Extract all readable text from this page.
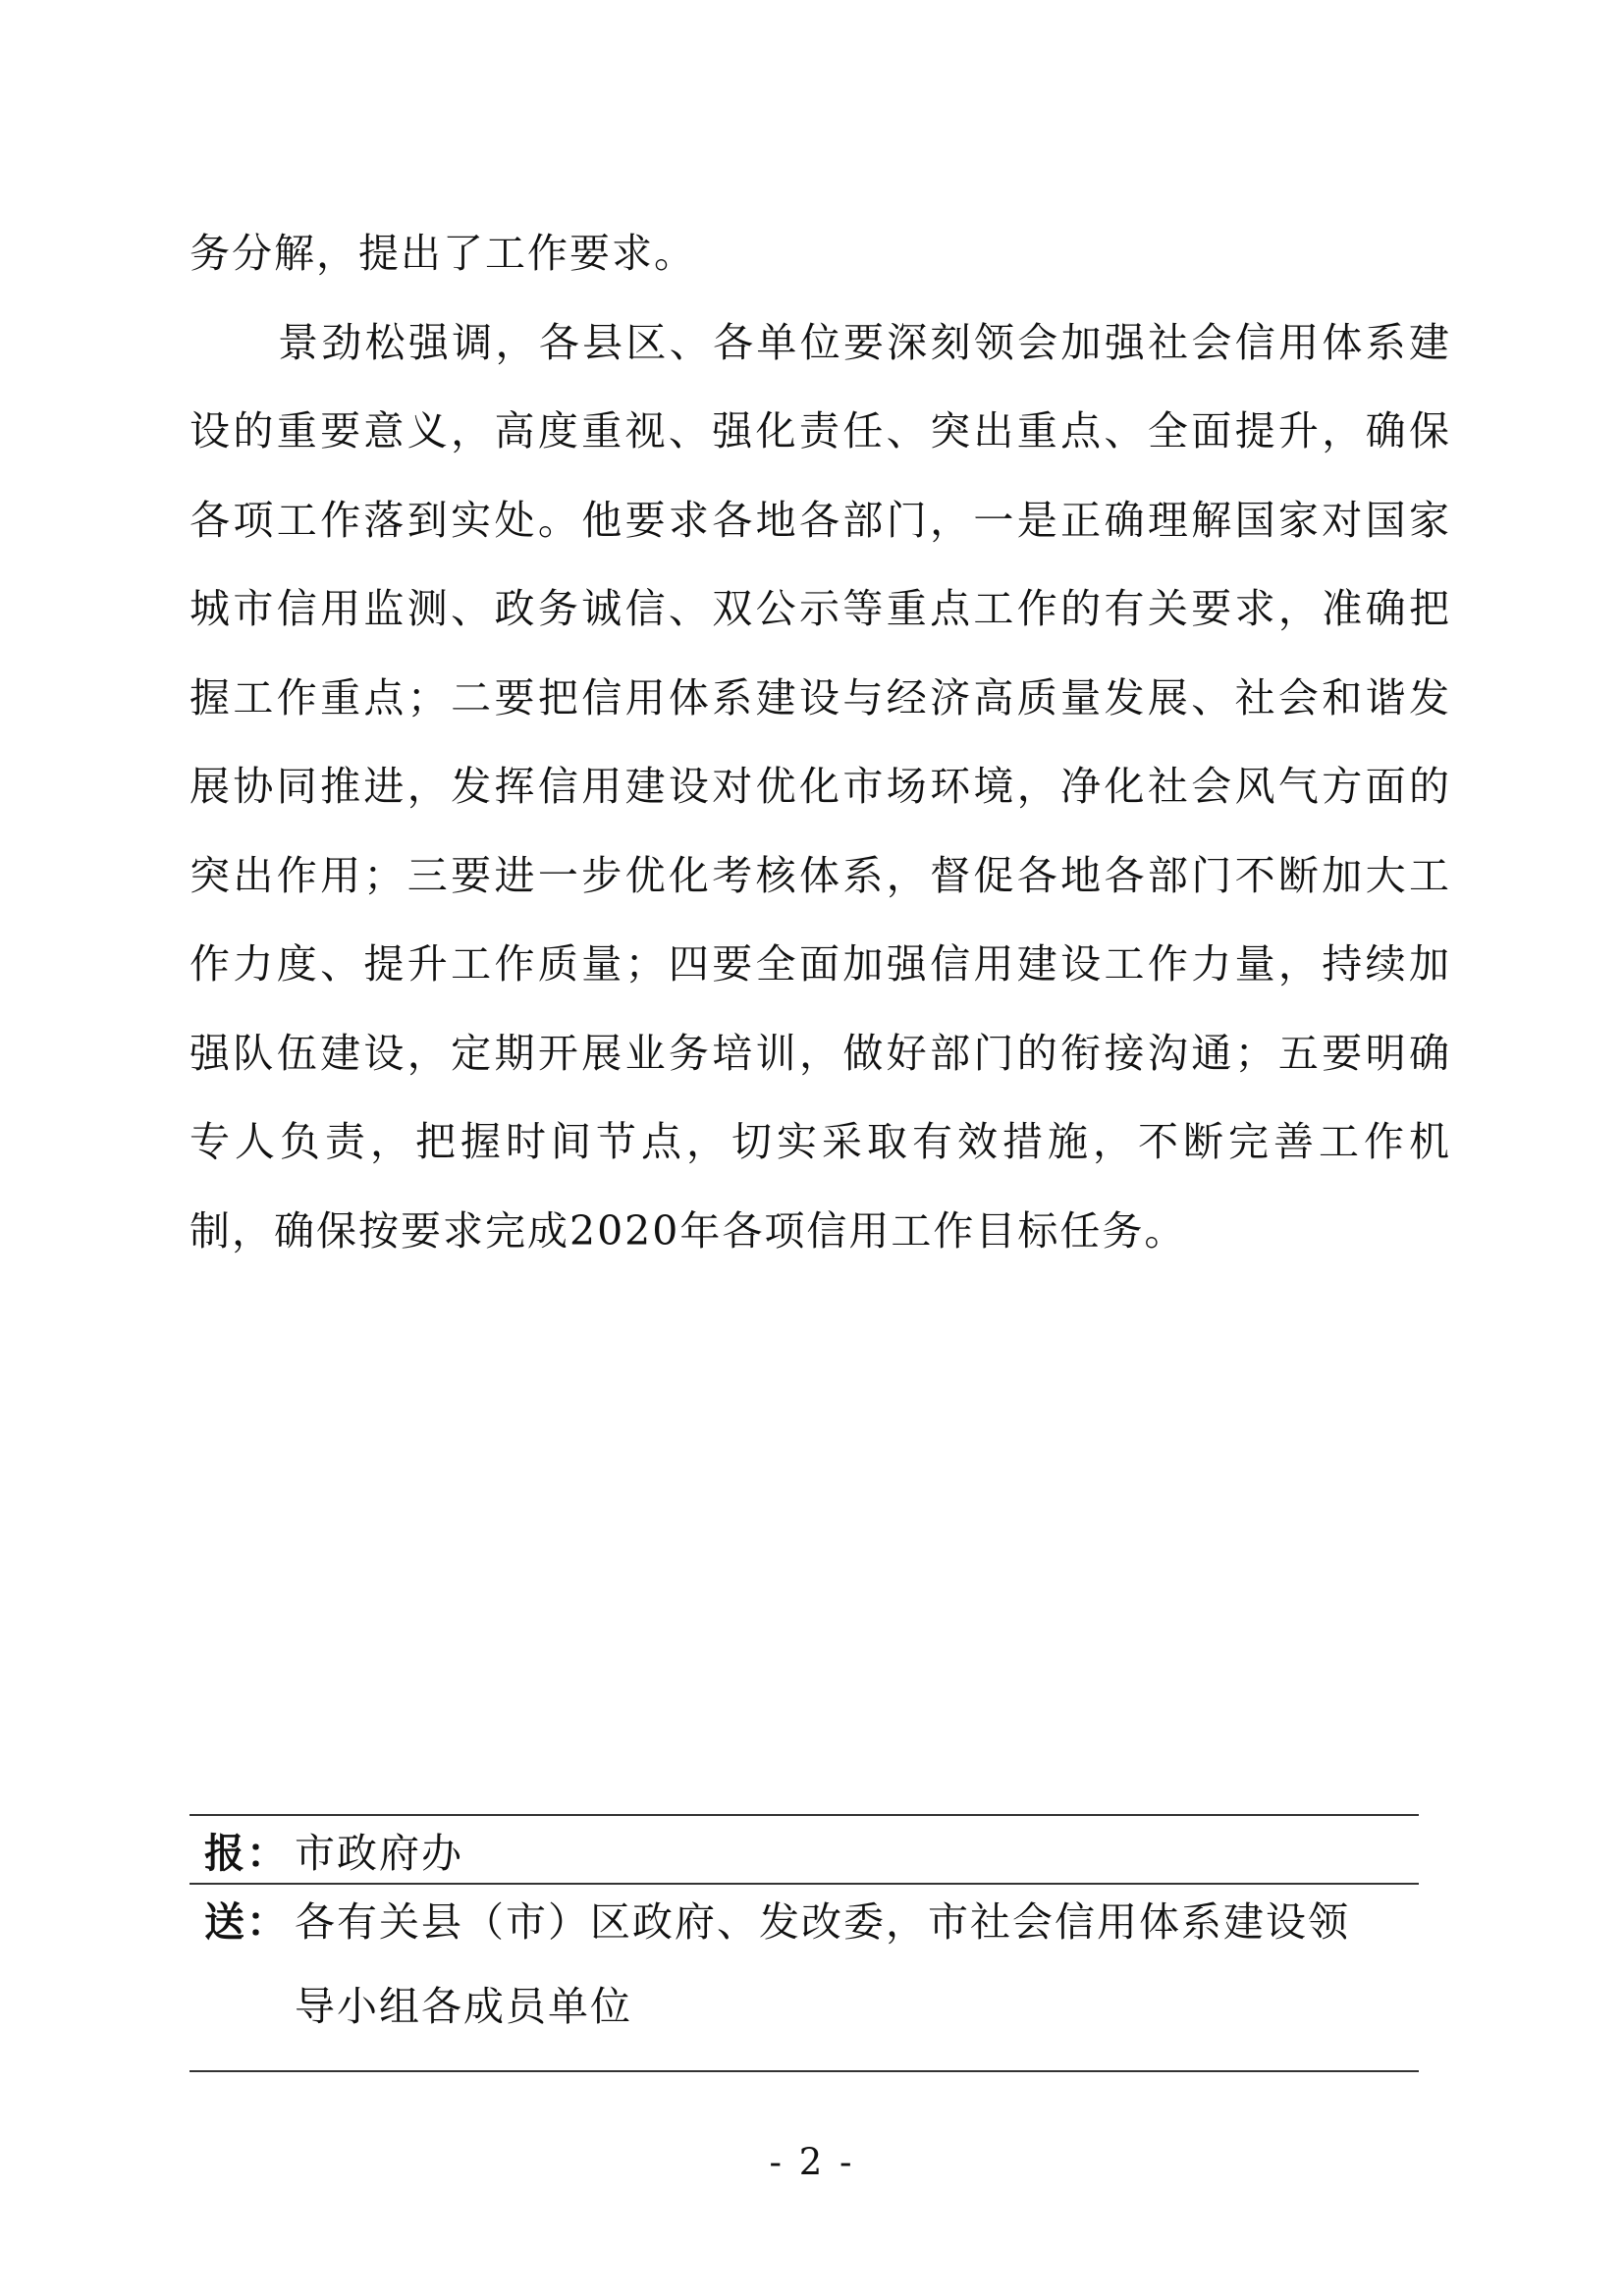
务分解，提出了工作要求。

景劲松强调，各县区、各单位要深刻领会加强社会信用体系建设的重要意义，高度重视、强化责任、突出重点、全面提升，确保各项工作落到实处。他要求各地各部门，一是正确理解国家对国家城市信用监测、政务诚信、双公示等重点工作的有关要求，准确把握工作重点；二要把信用体系建设与经济高质量发展、社会和谐发展协同推进，发挥信用建设对优化市场环境，净化社会风气方面的突出作用；三要进一步优化考核体系，督促各地各部门不断加大工作力度、提升工作质量；四要全面加强信用建设工作力量，持续加强队伍建设，定期开展业务培训，做好部门的衔接沟通；五要明确专人负责，把握时间节点，切实采取有效措施，不断完善工作机制，确保按要求完成2020年各项信用工作目标任务。

报： 市政府办

送： 各有关县（市）区政府、发改委，市社会信用体系建设领

导小组各成员单位

- 2 -
